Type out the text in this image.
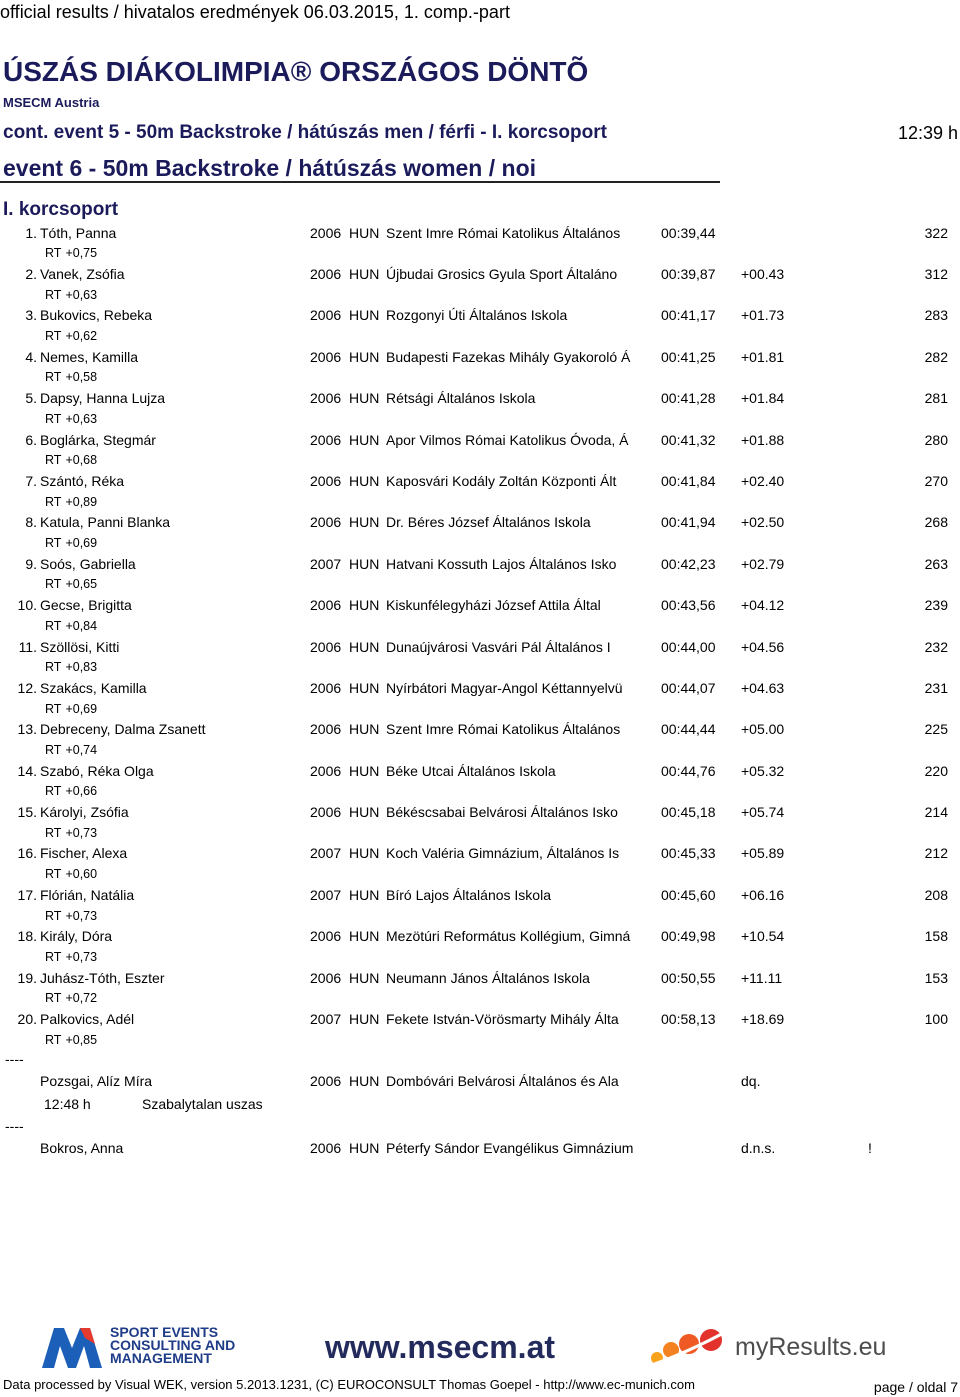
official results / hivatalos eredmények 06.03.2015, 1. comp.-part
ÚSZÁS DIÁKOLIMPIA® ORSZÁGOS DÖNTÕ
MSECM Austria
cont. event 5 - 50m Backstroke / hátúszás men / férfi - I. korcsoport	12:39 h
event 6 - 50m Backstroke / hátúszás women / noi
I. korcsoport
1. Tóth, Panna	2006 HUN Szent Imre Római Katolikus Általános	00:39,44	322
RT +0,75
2. Vanek, Zsófia	2006 HUN Újbudai Grosics Gyula Sport Általáno	00:39,87 +00.43	312
RT +0,63
3. Bukovics, Rebeka	2006 HUN Rozgonyi Úti Általános Iskola	00:41,17 +01.73	283
RT +0,62
4. Nemes, Kamilla	2006 HUN Budapesti Fazekas Mihály Gyakoroló Á	00:41,25 +01.81	282
RT +0,58
5. Dapsy, Hanna Lujza	2006 HUN Rétsági Általános Iskola	00:41,28 +01.84	281
RT +0,63
6. Boglárka, Stegmár	2006 HUN Apor Vilmos Római Katolikus Óvoda, Á	00:41,32 +01.88	280
RT +0,68
7. Szántó, Réka	2006 HUN Kaposvári Kodály Zoltán Központi Ált	00:41,84 +02.40	270
RT +0,89
8. Katula, Panni Blanka	2006 HUN Dr. Béres József Általános Iskola	00:41,94 +02.50	268
RT +0,69
9. Soós, Gabriella	2007 HUN Hatvani Kossuth Lajos Általános Isko	00:42,23 +02.79	263
RT +0,65
10. Gecse, Brigitta	2006 HUN Kiskunfélegyházi József Attila Által	00:43,56 +04.12	239
RT +0,84
11. Szöllösi, Kitti	2006 HUN Dunaújvárosi Vasvári Pál Általános I	00:44,00 +04.56	232
RT +0,83
12. Szakács, Kamilla	2006 HUN Nyírbátori Magyar-Angol Kéttannyelvü	00:44,07 +04.63	231
RT +0,69
13. Debreceny, Dalma Zsanett	2006 HUN Szent Imre Római Katolikus Általános	00:44,44 +05.00	225
RT +0,74
14. Szabó, Réka Olga	2006 HUN Béke Utcai Általános Iskola	00:44,76 +05.32	220
RT +0,66
15. Károlyi, Zsófia	2006 HUN Békéscsabai Belvárosi Általános Isko	00:45,18 +05.74	214
RT +0,73
16. Fischer, Alexa	2007 HUN Koch Valéria Gimnázium, Általános Is	00:45,33 +05.89	212
RT +0,60
17. Flórián, Natália	2007 HUN Bíró Lajos Általános Iskola	00:45,60 +06.16	208
RT +0,73
18. Király, Dóra	2006 HUN Mezötúri Református Kollégium, Gimná	00:49,98 +10.54	158
RT +0,73
19. Juhász-Tóth, Eszter	2006 HUN Neumann János Általános Iskola	00:50,55 +11.11	153
RT +0,72
20. Palkovics, Adél	2007 HUN Fekete István-Vörösmarty Mihály Álta	00:58,13 +18.69	100
RT +0,85
----
Pozsgai, Alíz Míra	2006 HUN Dombóvári Belvárosi Általános és Ala	dq.
12:48 h	Szabalytalan uszas
----
Bokros, Anna	2006 HUN Péterfy Sándor Evangélikus Gimnázium	d.n.s.	!
SPORT EVENTS
CONSULTING AND
MANAGEMENT	www.msecm.at	myResults.eu
Data processed by Visual WEK, version 5.2013.1231, (C) EUROCONSULT Thomas Goepel - http://www.ec-munich.com	page / oldal 7
